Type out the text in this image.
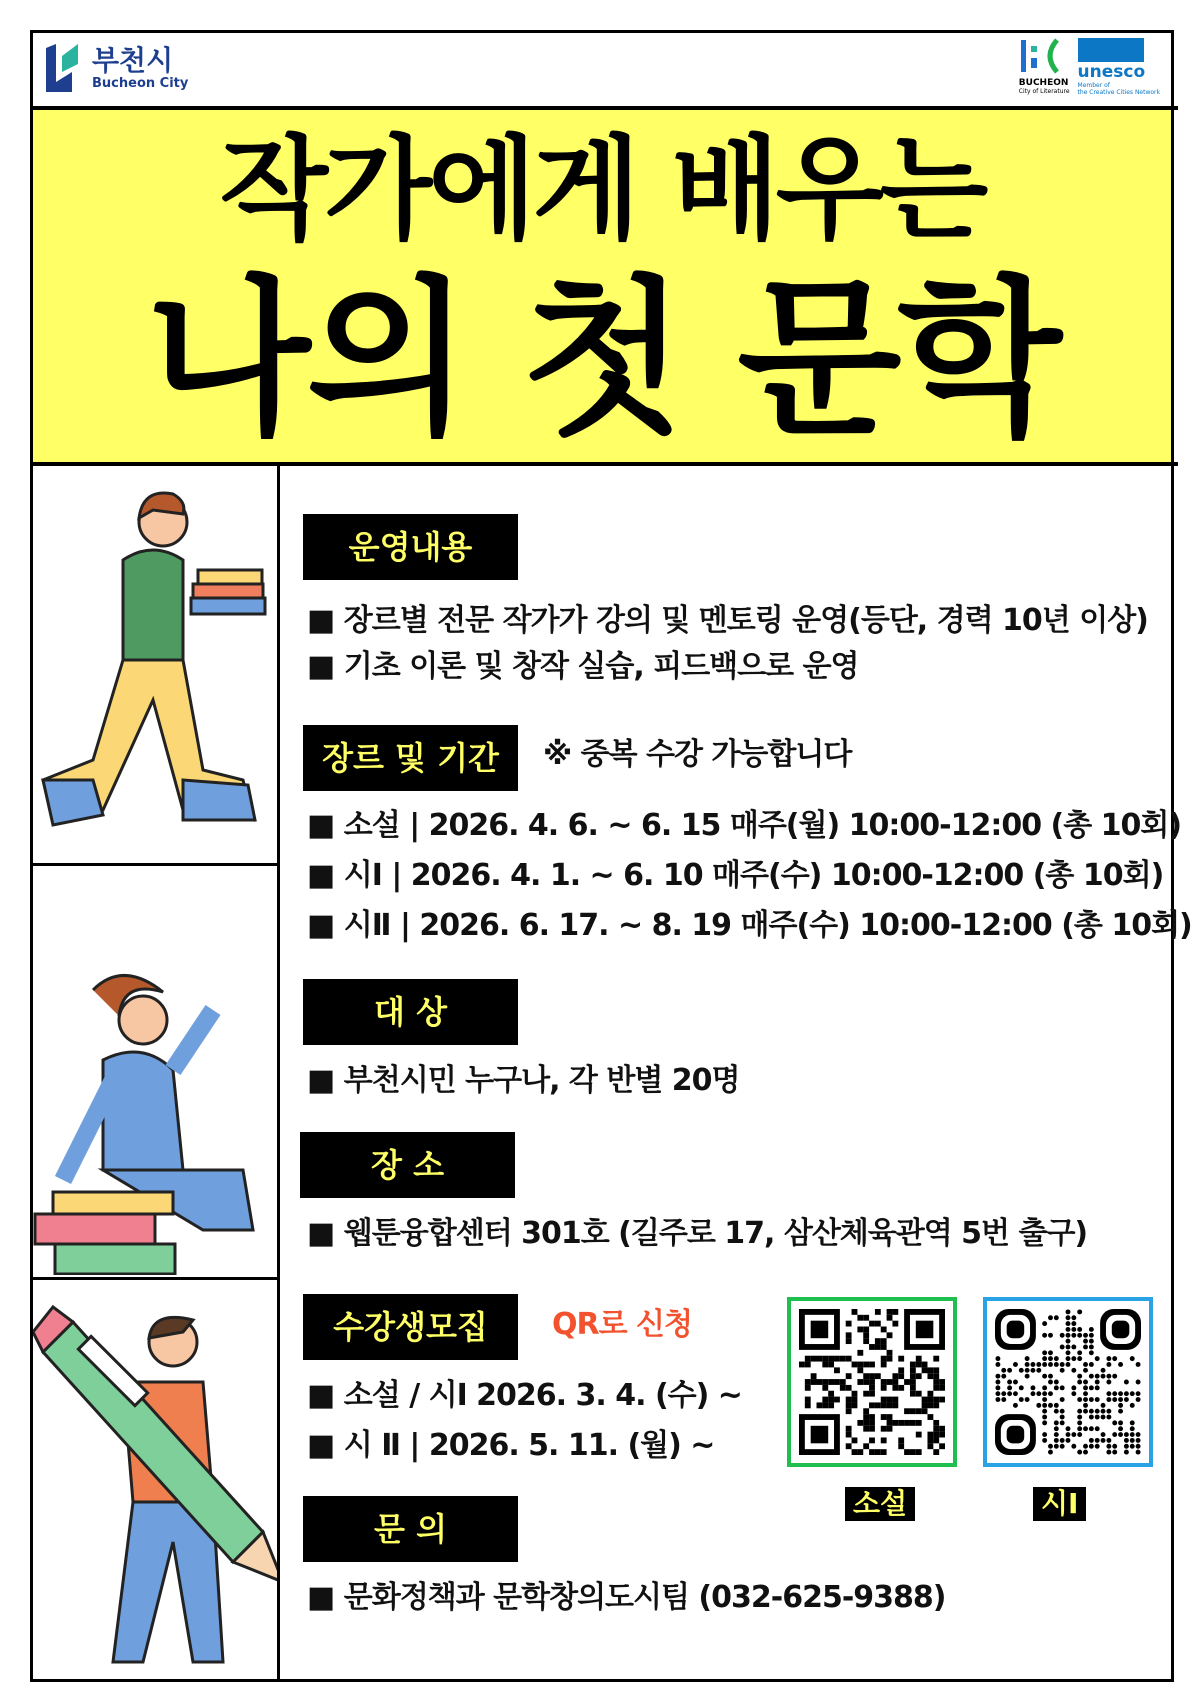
부천시
Bucheon City	BUCHEON
City of Literature
unesco
Member of
the Creative Cities Network
작가에게 배우는
나의 첫 문학
운영내용
■ 장르별 전문 작가가 강의 및 멘토링 운영(등단, 경력 10년 이상)
■ 기초 이론 및 창작 실습, 피드백으로 운영
장르 및 기간	※ 중복 수강 가능합니다
■ 소설 | 2026. 4. 6. ~ 6. 15 매주(월) 10:00-12:00 (총 10회)
■ 시Ⅰ | 2026. 4. 1. ~ 6. 10 매주(수) 10:00-12:00 (총 10회)
■ 시Ⅱ | 2026. 6. 17. ~ 8. 19 매주(수) 10:00-12:00 (총 10회)
대 상
■ 부천시민 누구나, 각 반별 20명
장 소
■ 웹툰융합센터 301호 (길주로 17, 삼산체육관역 5번 출구)
수강생모집	QR로 신청
■ 소설 / 시Ⅰ 2026. 3. 4. (수) ~
■ 시 Ⅱ | 2026. 5. 11. (월) ~
소설	시Ⅰ
문 의
■ 문화정책과 문학창의도시팀 (032-625-9388)
